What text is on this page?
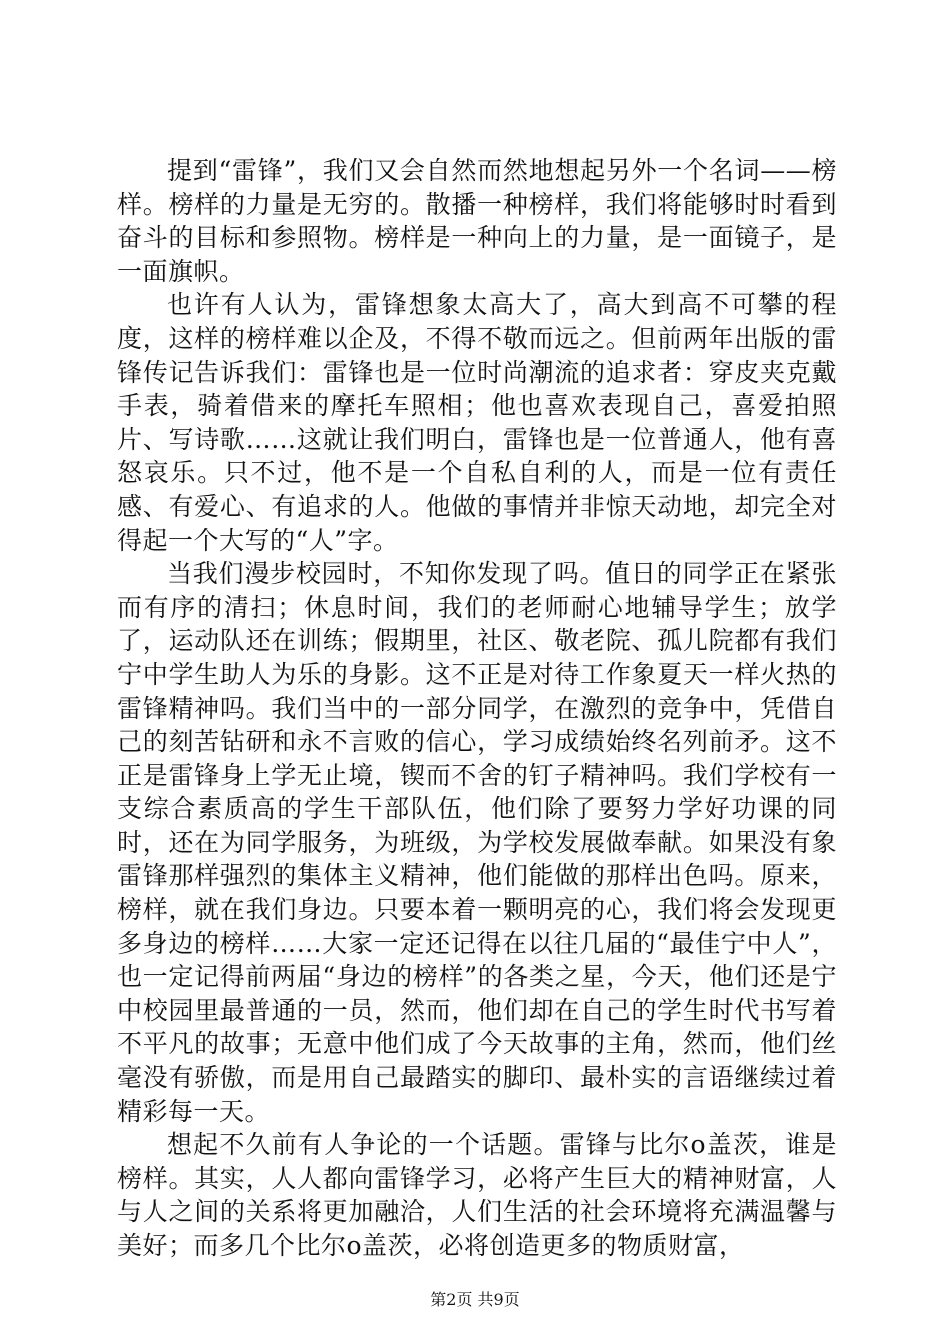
提到“雷锋”，我们又会自然而然地想起另外一个名词——榜样。榜样的力量是无穷的。散播一种榜样，我们将能够时时看到奋斗的目标和参照物。榜样是一种向上的力量，是一面镜子，是一面旗帜。

也许有人认为，雷锋想象太高大了，高大到高不可攀的程度，这样的榜样难以企及，不得不敬而远之。但前两年出版的雷锋传记告诉我们：雷锋也是一位时尚潮流的追求者：穿皮夹克戴手表，骑着借来的摩托车照相；他也喜欢表现自己，喜爱拍照片、写诗歌……这就让我们明白，雷锋也是一位普通人，他有喜怒哀乐。只不过，他不是一个自私自利的人，而是一位有责任感、有爱心、有追求的人。他做的事情并非惊天动地，却完全对得起一个大写的“人”字。

当我们漫步校园时，不知你发现了吗。值日的同学正在紧张而有序的清扫；休息时间，我们的老师耐心地辅导学生；放学了，运动队还在训练；假期里，社区、敬老院、孤儿院都有我们宁中学生助人为乐的身影。这不正是对待工作象夏天一样火热的雷锋精神吗。我们当中的一部分同学，在激烈的竞争中，凭借自己的刻苦钻研和永不言败的信心，学习成绩始终名列前矛。这不正是雷锋身上学无止境，锲而不舍的钉子精神吗。我们学校有一支综合素质高的学生干部队伍，他们除了要努力学好功课的同时，还在为同学服务，为班级，为学校发展做奉献。如果没有象雷锋那样强烈的集体主义精神，他们能做的那样出色吗。原来，榜样，就在我们身边。只要本着一颗明亮的心，我们将会发现更多身边的榜样……大家一定还记得在以往几届的“最佳宁中人”，也一定记得前两届“身边的榜样”的各类之星，今天，他们还是宁中校园里最普通的一员，然而，他们却在自己的学生时代书写着不平凡的故事；无意中他们成了今天故事的主角，然而，他们丝毫没有骄傲，而是用自己最踏实的脚印、最朴实的言语继续过着精彩每一天。

想起不久前有人争论的一个话题。雷锋与比尔o盖茨，谁是榜样。其实，人人都向雷锋学习，必将产生巨大的精神财富，人与人之间的关系将更加融洽，人们生活的社会环境将充满温馨与美好；而多几个比尔o盖茨，必将创造更多的物质财富，

第2页 共9页
